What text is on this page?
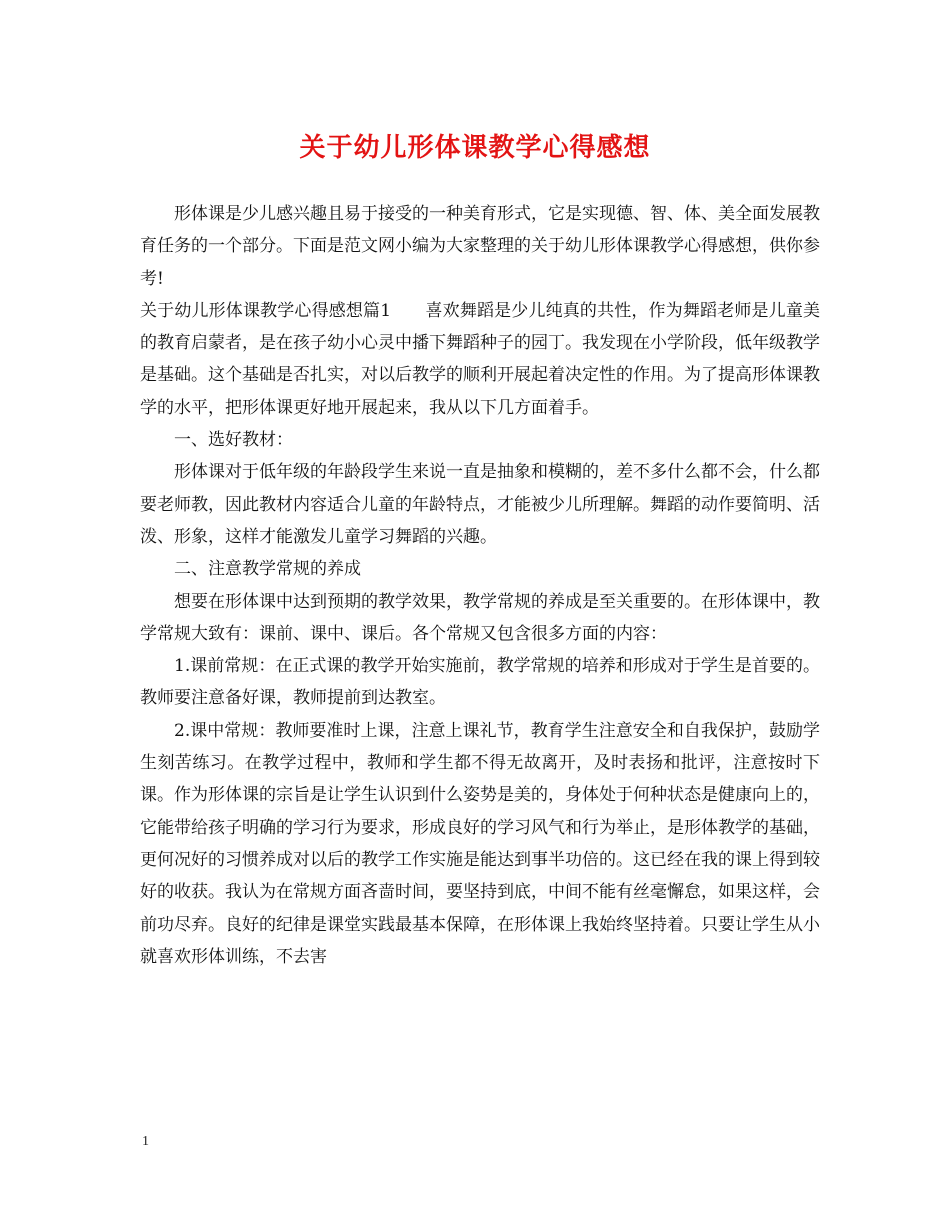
关于幼儿形体课教学心得感想

形体课是少儿感兴趣且易于接受的一种美育形式，它是实现德、智、体、美全面发展教育任务的一个部分。下面是范文网小编为大家整理的关于幼儿形体课教学心得感想，供你参考!

关于幼儿形体课教学心得感想篇1　　喜欢舞蹈是少儿纯真的共性，作为舞蹈老师是儿童美的教育启蒙者，是在孩子幼小心灵中播下舞蹈种子的园丁。我发现在小学阶段，低年级教学是基础。这个基础是否扎实，对以后教学的顺利开展起着决定性的作用。为了提高形体课教学的水平，把形体课更好地开展起来，我从以下几方面着手。

一、选好教材：

形体课对于低年级的年龄段学生来说一直是抽象和模糊的，差不多什么都不会，什么都要老师教，因此教材内容适合儿童的年龄特点，才能被少儿所理解。舞蹈的动作要简明、活泼、形象，这样才能激发儿童学习舞蹈的兴趣。

二、注意教学常规的养成

想要在形体课中达到预期的教学效果，教学常规的养成是至关重要的。在形体课中，教学常规大致有：课前、课中、课后。各个常规又包含很多方面的内容：

1.课前常规：在正式课的教学开始实施前，教学常规的培养和形成对于学生是首要的。教师要注意备好课，教师提前到达教室。

2.课中常规：教师要准时上课，注意上课礼节，教育学生注意安全和自我保护，鼓励学生刻苦练习。在教学过程中，教师和学生都不得无故离开，及时表扬和批评，注意按时下课。作为形体课的宗旨是让学生认识到什么姿势是美的，身体处于何种状态是健康向上的，它能带给孩子明确的学习行为要求，形成良好的学习风气和行为举止，是形体教学的基础，更何况好的习惯养成对以后的教学工作实施是能达到事半功倍的。这已经在我的课上得到较好的收获。我认为在常规方面吝啬时间，要坚持到底，中间不能有丝毫懈怠，如果这样，会前功尽弃。良好的纪律是课堂实践最基本保障，在形体课上我始终坚持着。只要让学生从小就喜欢形体训练，不去害

1
